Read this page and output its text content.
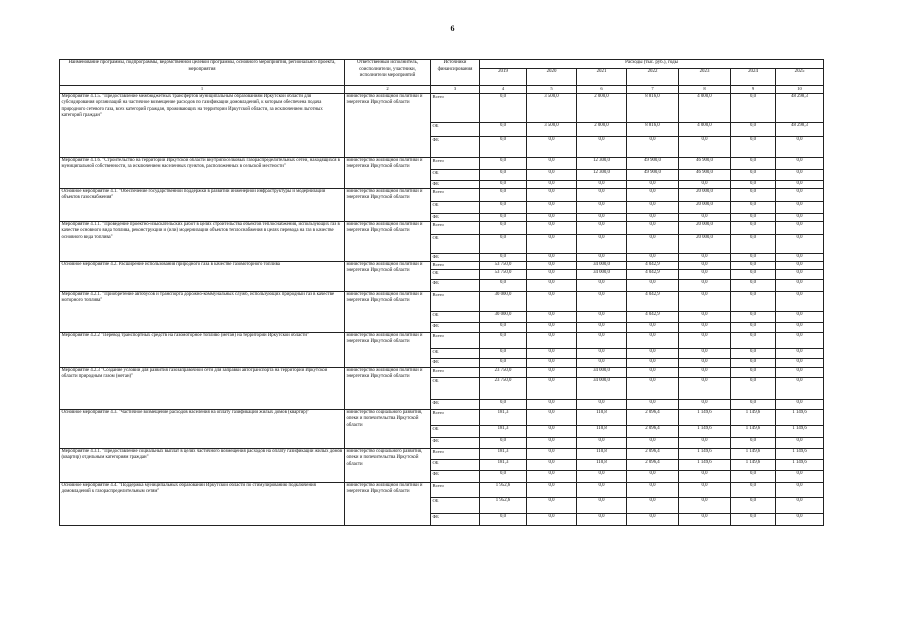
6
Наименование программы, подпрограммы, ведомственной целевой программы, основного мероприятия, региональнго проекта, мероприятия	Ответственный исполнитель, соисполнители, участники, исполнители мероприятий	Источники финансирования	Расходы (тыс. руб.), годы						
			2019	2020	2021	2022	2023	2024	2025
1	2	3	4	5	6	7	8	9	10
Мероприятие 4.1.5. "Предоставление межбюджетных трансфертов муниципальным образованиям Иркутской области для субсидирования организаций на частичное возмещение расходов по газификации домовладений, к которым обеспечена подача природного сетевого газа, всех категорий граждан, проживающих на территории Иркутской области, за исключением льготных категорий граждан"	министерство жилищной политики и энергетики Иркутской области	Всего	0,0	3 500,0	2 000,0	8 816,0	4 000,0	0,0	48 298,3
		ОБ	0,0	3 500,0	2 000,0	8 816,0	4 000,0	0,0	48 298,3
		ФБ	0,0	0,0	0,0	0,0	0,0	0,0	0,0
Мероприятие 4.1.6. "Строительство на территории Иркутской области внутрипоселковых газораспределительных сетей, находящихся в муниципальной собственности, за исключением населенных пунктов, расположенных в сельской местности"	министерство жилищной политики и энергетики Иркутской области	Всего	0,0	0,0	12 300,0	49 900,0	46 900,0	0,0	0,0
		ОБ	0,0	0,0	12 300,0	49 900,0	46 900,0	0,0	0,0
		ФБ	0,0	0,0	0,0	0,0	0,0	0,0	0,0
Основное мероприятие 4.1. "Обеспечение государственной поддержки в развитии инженерной инфраструктуры и модернизации объектов газоснабжения"	министерство жилищной политики и энергетики Иркутской области	Всего	0,0	0,0	0,0	0,0	20 000,0	0,0	0,0
		ОБ	0,0	0,0	0,0	0,0	20 000,0	0,0	0,0
		ФБ	0,0	0,0	0,0	0,0	0,0	0,0	0,0
Мероприятие 4.1.1. "Проведение проектно-изыскательских работ в целях строительства объектов теплоснабжения, использующих газ в качестве основного вида топлива, реконструкции и (или) модернизации объектов теплоснабжения в целях перевода на газ в качестве основного вида топлива"	министерство жилищной политики и энергетики Иркутской области	Всего	0,0	0,0	0,0	0,0	20 000,0	0,0	0,0
		ОБ	0,0	0,0	0,0	0,0	20 000,0	0,0	0,0
		ФБ	0,0	0,0	0,0	0,0	0,0	0,0	0,0
Основное мероприятие 4.2. Расширение использования природного газа в качестве газомоторного топлива	министерство жилищной политики и энергетики Иркутской области	Всего	53 750,0	0,0	34 000,0	4 042,9	0,0	0,0	0,0
		ОБ	53 750,0	0,0	34 000,0	4 042,9	0,0	0,0	0,0
		ФБ	0,0	0,0	0,0	0,0	0,0	0,0	0,0
Мероприятие 4.2.1. "Приобретение автобусов и транспорта дорожно-коммунальных служб, использующих природный газ в качестве моторного топлива"	министерство жилищной политики и энергетики Иркутской области	Всего	30 000,0	0,0	0,0	4 042,9	0,0	0,0	0,0
		ОБ	30 000,0	0,0	0,0	4 042,9	0,0	0,0	0,0
		ФБ	0,0	0,0	0,0	0,0	0,0	0,0	0,0
Мероприятие 4.2.2 "Перевод транспортных средств на газомоторное топливо (метан) на территории Иркутской области"	министерство жилищной политики и энергетики Иркутской области	Всего	0,0	0,0	0,0	0,0	0,0	0,0	0,0
		ОБ	0,0	0,0	0,0	0,0	0,0	0,0	0,0
		ФБ	0,0	0,0	0,0	0,0	0,0	0,0	0,0
Мероприятие 4.2.3 "Создание условий для развития газозаправочной сети для заправки автотранспорта на территории Иркутской области природным газом (метан)"	министерство жилищной политики и энергетики Иркутской области	Всего	23 750,0	0,0	34 000,0	0,0	0,0	0,0	0,0
		ОБ	23 750,0	0,0	34 000,0	0,0	0,0	0,0	0,0
		ФБ	0,0	0,0	0,0	0,0	0,0	0,0	0,0
Основное мероприятие 4.3. "Частичное возмещение расходов населения на оплату газификации жилых домов (квартир)"	министерство социального развития, опеки и попечительства Иркутской области	Всего	181,3	0,0	110,8	2 096,4	1 149,6	1 149,6	1 149,6
		ОБ	181,3	0,0	110,8	2 096,4	1 149,6	1 149,6	1 149,6
		ФБ	0,0	0,0	0,0	0,0	0,0	0,0	0,0
Мероприятие 4.3.1. "Предоставление социальных выплат в целях частичного возмещения расходов на оплату газификации жилых домов (квартир) отдельным категориям граждан"	министерство социального развития, опеки и попечительства Иркутской области	Всего	181,3	0,0	110,8	2 096,4	1 149,6	1 149,6	1 149,6
		ОБ	181,3	0,0	110,8	2 096,4	1 149,6	1 149,6	1 149,6
		ФБ	0,0	0,0	0,0	0,0	0,0	0,0	0,0
Основное мероприятие 4.4. "Поддержка муниципальных образований Иркутской области по стимулированию подключения домовладений к газораспределительным сетям"	министерство жилищной политики и энергетики Иркутской области	Всего	1 952,6	0,0	0,0	0,0	0,0	0,0	0,0
		ОБ	1 952,6	0,0	0,0	0,0	0,0	0,0	0,0
		ФБ	0,0	0,0	0,0	0,0	0,0	0,0	0,0
